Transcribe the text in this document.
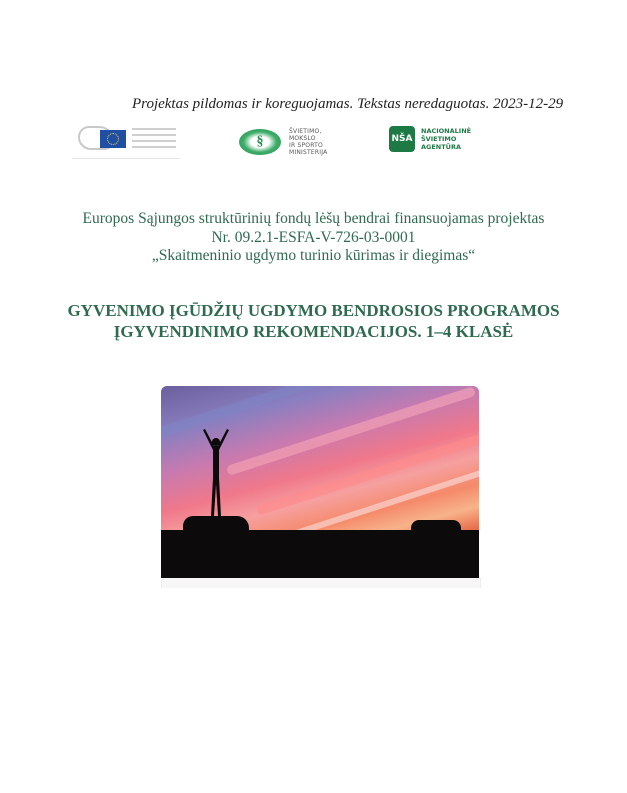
Projektas pildomas ir koreguojamas. Tekstas neredaguotas. 2023-12-29
§
ŠVIETIMO,
MOKSLO
IR SPORTO
MINISTERIJA
NŠA
NACIONALINĖ
ŠVIETIMO
AGENTŪRA
Europos Sąjungos struktūrinių fondų lėšų bendrai finansuojamas projektas
Nr. 09.2.1-ESFA-V-726-03-0001
„Skaitmeninio ugdymo turinio kūrimas ir diegimas“
GYVENIMO ĮGŪDŽIŲ UGDYMO BENDROSIOS PROGRAMOS
ĮGYVENDINIMO REKOMENDACIJOS. 1–4 KLASĖ
